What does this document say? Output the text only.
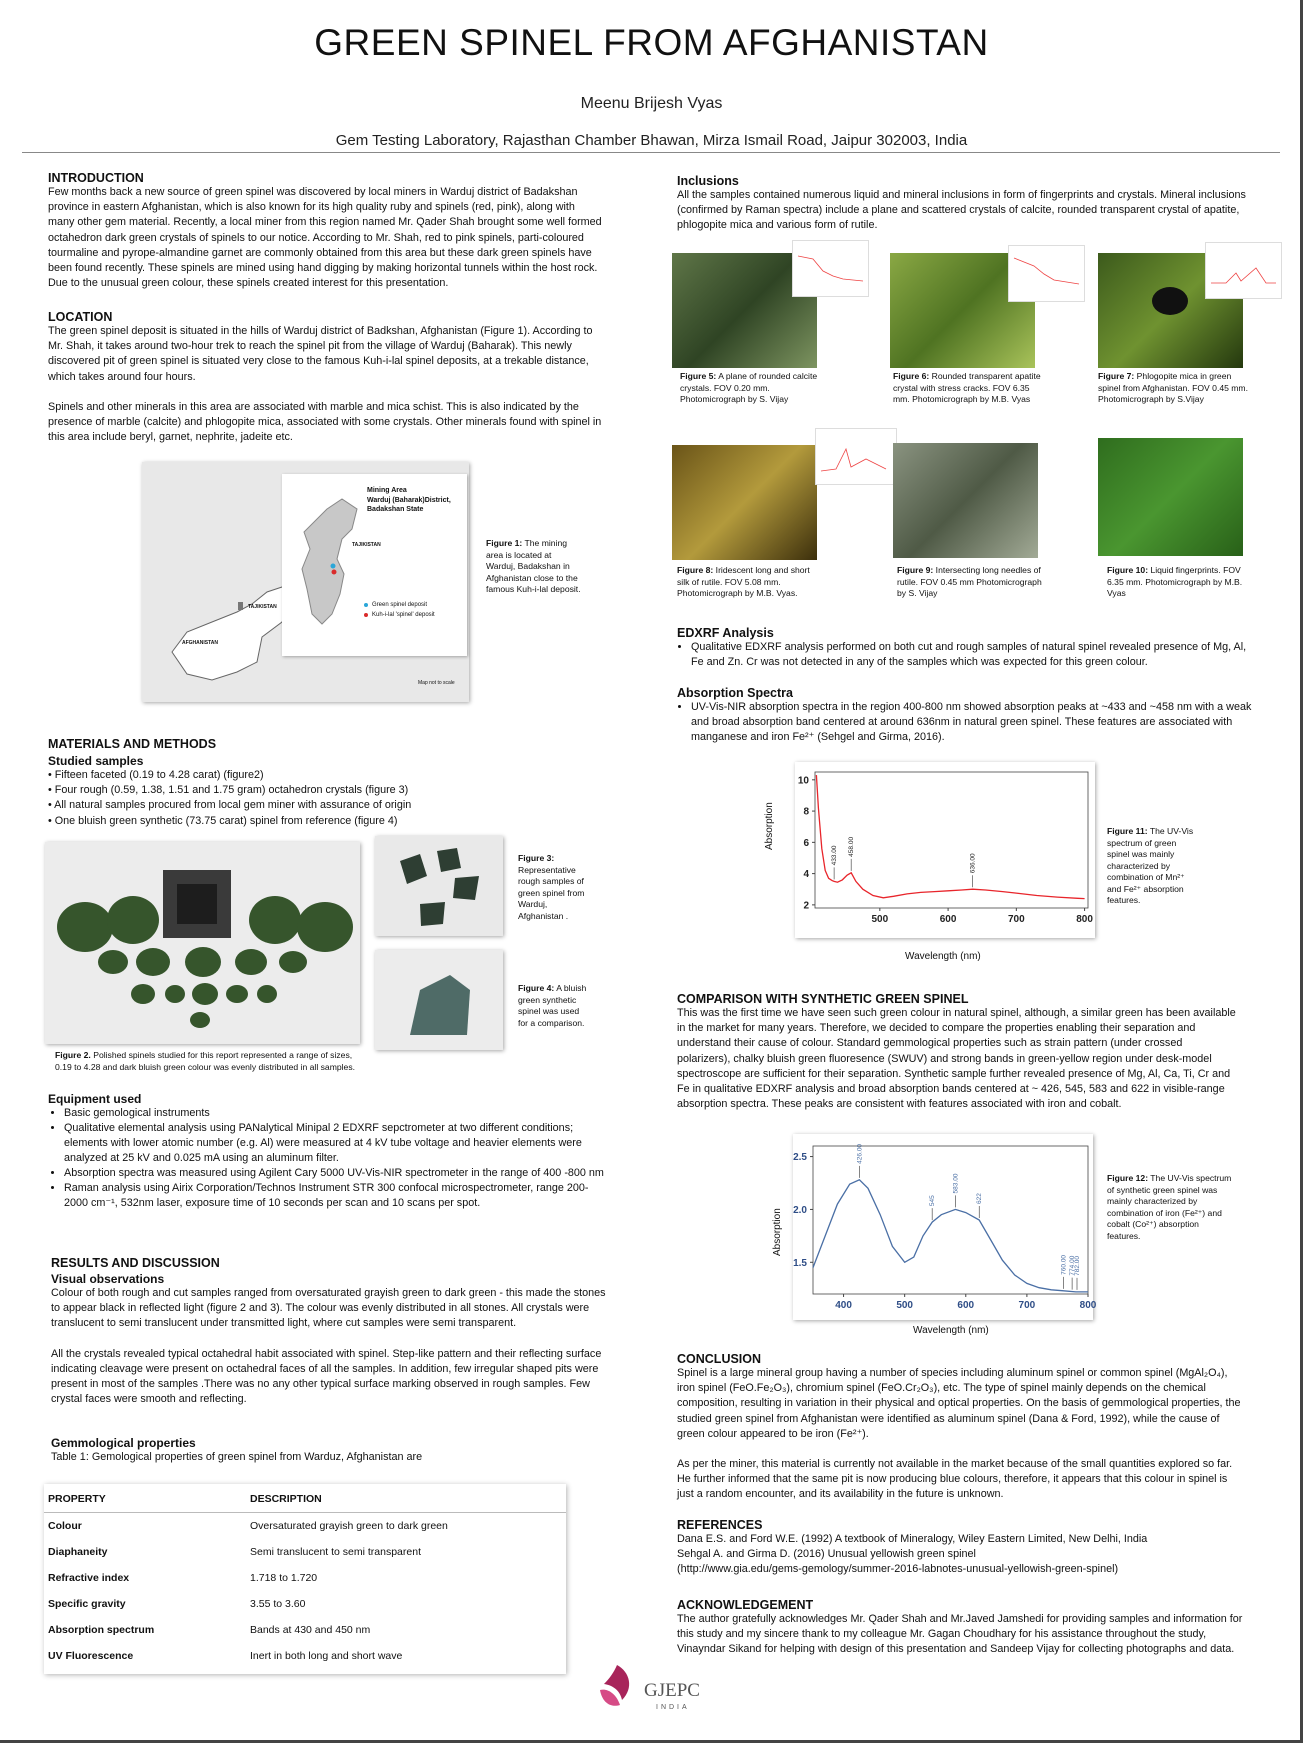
GREEN SPINEL FROM AFGHANISTAN
Meenu Brijesh Vyas
Gem Testing Laboratory, Rajasthan Chamber Bhawan, Mirza Ismail Road, Jaipur 302003, India
INTRODUCTION

Few months back a new source of green spinel was discovered by local miners in Warduj district of Badakshan province in eastern Afghanistan, which is also known for its high quality ruby and spinels (red, pink), along with many other gem material. Recently, a local miner from this region named Mr. Qader Shah brought some well formed octahedron dark green crystals of spinels to our notice. According to Mr. Shah, red to pink spinels, parti-coloured tourmaline and pyrope-almandine garnet are commonly obtained from this area but these dark green spinels have been found recently. These spinels are mined using hand digging by making horizontal tunnels within the host rock. Due to the unusual green colour, these spinels created interest for this presentation.

LOCATION

The green spinel deposit is situated in the hills of Warduj district of Badkshan, Afghanistan (Figure 1). According to Mr. Shah, it takes around two-hour trek to reach the spinel pit from the village of Warduj (Baharak). This newly discovered pit of green spinel is situated very close to the famous Kuh-i-lal spinel deposits, at a trekable distance, which takes around four hours.

Spinels and other minerals in this area are associated with marble and mica schist. This is also indicated by the presence of marble (calcite) and phlogopite mica, associated with some crystals. Other minerals found with spinel in this area include beryl, garnet, nephrite, jadeite etc.

Mining Area
Warduj (Baharak)District,
Badakshan State
TAJIKISTAN
Green spinel deposit
Kuh-i-lal 'spinel' deposit
TAJIKISTAN
AFGHANISTAN
Map not to scale
Figure 1: The mining area is located at Warduj, Badakshan in Afghanistan close to the famous Kuh-i-lal deposit.
MATERIALS AND METHODS
Studied samples

• Fifteen faceted (0.19 to 4.28 carat) (figure2)

• Four rough (0.59, 1.38, 1.51 and 1.75 gram) octahedron crystals (figure 3)

• All natural samples procured from local gem miner with assurance of origin

• One bluish green synthetic (73.75 carat) spinel from reference (figure 4)

Figure 2. Polished spinels studied for this report represented a range of sizes, 0.19 to 4.28 and dark bluish green colour was evenly distributed in all samples.
Figure 3: Representative rough samples of green spinel from Warduj, Afghanistan .
Figure 4: A bluish green synthetic spinel was used for a comparison.
Equipment used
• Basic gemological instruments
• Qualitative elemental analysis using PANalytical Minipal 2 EDXRF sepctrometer at two different conditions; elements with lower atomic number (e.g. Al) were measured at 4 kV tube voltage and heavier elements were analyzed at 25 kV and 0.025 mA using an aluminum filter.
• Absorption spectra was measured using Agilent Cary 5000 UV-Vis-NIR spectrometer in the range of 400 -800 nm
• Raman analysis using Airix Corporation/Technos Instrument STR 300 confocal microspectrometer, range 200-2000 cm⁻¹, 532nm laser, exposure time of 10 seconds per scan and 10 scans per spot.
RESULTS AND DISCUSSION
Visual observations

Colour of both rough and cut samples ranged from oversaturated grayish green to dark green - this made the stones to appear black in reflected light (figure 2 and 3). The colour was evenly distributed in all stones. All crystals were translucent to semi translucent under transmitted light, where cut samples were semi transparent.

All the crystals revealed typical octahedral habit associated with spinel. Step-like pattern and their reflecting surface indicating cleavage were present on octahedral faces of all the samples. In addition, few irregular shaped pits were present in most of the samples .There was no any other typical surface marking observed in rough samples. Few crystal faces were smooth and reflecting.

Gemmological properties

Table 1: Gemological properties of green spinel from Warduz, Afghanistan are

PROPERTY	DESCRIPTION
Colour	Oversaturated grayish green to dark green
Diaphaneity	Semi translucent to semi transparent
Refractive index	1.718 to 1.720
Specific gravity	3.55 to 3.60
Absorption spectrum	Bands at 430 and 450 nm
UV Fluorescence	Inert in both long and short wave
Inclusions

All the samples contained numerous liquid and mineral inclusions in form of fingerprints and crystals. Mineral inclusions (confirmed by Raman spectra) include a plane and scattered crystals of calcite, rounded transparent crystal of apatite, phlogopite mica and various form of rutile.

Figure 5: A plane of rounded calcite crystals. FOV 0.20 mm. Photomicrograph by S. Vijay
Figure 6: Rounded transparent apatite crystal with stress cracks. FOV 6.35 mm. Photomicrograph by M.B. Vyas
Figure 7: Phlogopite mica in green spinel from Afghanistan. FOV 0.45 mm. Photomicrograph by S.Vijay
Figure 8: Iridescent long and short silk of rutile. FOV 5.08 mm. Photomicrograph by M.B. Vyas.
Figure 9: Intersecting long needles of rutile. FOV 0.45 mm Photomicrograph by S. Vijay
Figure 10: Liquid fingerprints. FOV 6.35 mm. Photomicrograph by M.B. Vyas
EDXRF Analysis
• Qualitative EDXRF analysis performed on both cut and rough samples of natural spinel revealed presence of Mg, Al, Fe and Zn. Cr was not detected in any of the samples which was expected for this green colour.
Absorption Spectra
• UV-Vis-NIR absorption spectra in the region 400-800 nm showed absorption peaks at ~433 and ~458 nm with a weak and broad absorption band centered at around 636nm in natural green spinel. These features are associated with manganese and iron Fe²⁺ (Sehgel and Girma, 2016).
500	600	700	800
2
4
6
8
10
433.00 458.00
636.00
Absorption
Wavelength (nm)
Figure 11: The UV-Vis spectrum of green spinel was mainly characterized by combination of Mn²⁺ and Fe²⁺ absorption features.
COMPARISON WITH SYNTHETIC GREEN SPINEL

This was the first time we have seen such green colour in natural spinel, although, a similar green has been available in the market for many years. Therefore, we decided to compare the properties enabling their separation and understand their cause of colour. Standard gemmological properties such as strain pattern (under crossed polarizers), chalky bluish green fluoresence (SWUV) and strong bands in green-yellow region under desk-model spectroscope are sufficient for their separation. Synthetic sample further revealed presence of Mg, Al, Ca, Ti, Cr and Fe in qualitative EDXRF analysis and broad absorption bands centered at ~ 426, 545, 583 and 622 in visible-range absorption spectra. These peaks are consistent with features associated with iron and cobalt.

400	500	600	700	800
1.5
2.0
2.5	426.00
545
583.00
622
760.00 774.00
782.00
Absorption
Wavelength (nm)
Figure 12: The UV-Vis spectrum of synthetic green spinel was mainly characterized by combination of iron (Fe²⁺) and cobalt (Co²⁺) absorption features.
CONCLUSION

Spinel is a large mineral group having a number of species including aluminum spinel or common spinel (MgAl₂O₄), iron spinel (FeO.Fe₂O₃), chromium spinel (FeO.Cr₂O₃), etc. The type of spinel mainly depends on the chemical composition, resulting in variation in their physical and optical properties. On the basis of gemmological properties, the studied green spinel from Afghanistan were identified as aluminum spinel (Dana & Ford, 1992), while the cause of green colour appeared to be iron (Fe²⁺).

As per the miner, this material is currently not available in the market because of the small quantities explored so far. He further informed that the same pit is now producing blue colours, therefore, it appears that this colour in spinel is just a random encounter, and its availability in the future is unknown.

REFERENCES

Dana E.S. and Ford W.E. (1992) A textbook of Mineralogy, Wiley Eastern Limited, New Delhi, India

Sehgal A. and Girma D. (2016) Unusual yellowish green spinel

(http://www.gia.edu/gems-gemology/summer-2016-labnotes-unusual-yellowish-green-spinel)

ACKNOWLEDGEMENT

The author gratefully acknowledges Mr. Qader Shah and Mr.Javed Jamshedi for providing samples and information for this study and my sincere thank to my colleague Mr. Gagan Choudhary for his assistance throughout the study, Vinayndar Sikand for helping with design of this presentation and Sandeep Vijay for collecting photographs and data.

GJEPC
INDIA
